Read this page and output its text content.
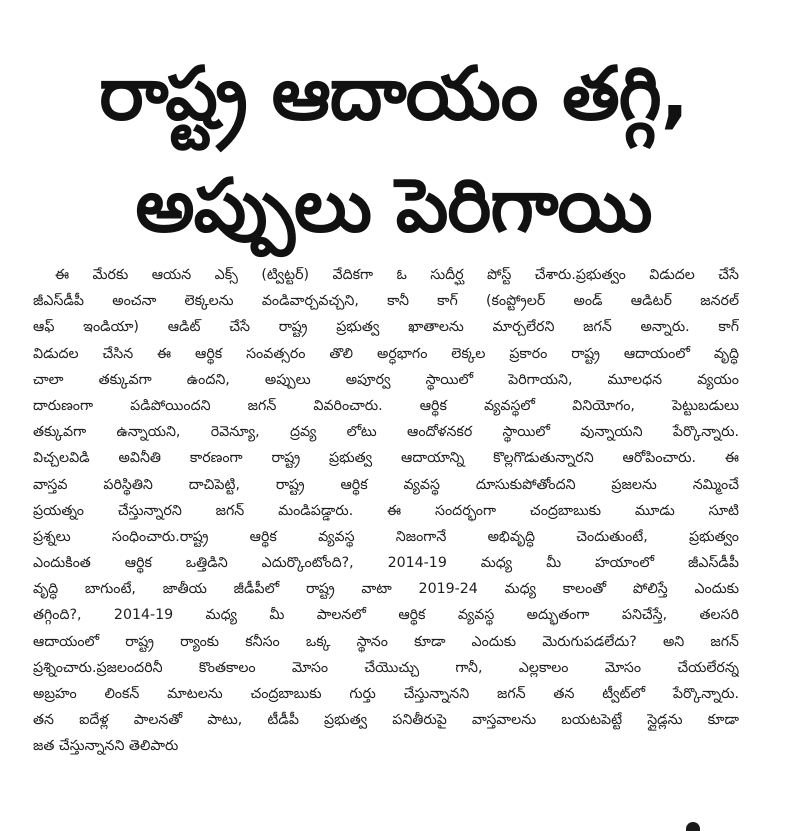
రాష్ట్ర ఆదాయం తగ్గి,
అప్పులు పెరిగాయి
ఈ మేరకు ఆయన ఎక్స్ (ట్విట్టర్) వేదికగా ఓ సుదీర్ఘ పోస్ట్ చేశారు.ప్రభుత్వం విడుదల చేసే
జీఎస్‌డీపీ అంచనా లెక్కలను వండివార్చవచ్చని, కానీ కాగ్ (కంప్ట్రోలర్ అండ్ ఆడిటర్ జనరల్
ఆఫ్ ఇండియా) ఆడిట్ చేసే రాష్ట్ర ప్రభుత్వ ఖాతాలను మార్చలేరని జగన్ అన్నారు. కాగ్
విడుదల చేసిన ఈ ఆర్థిక సంవత్సరం తొలి అర్ధభాగం లెక్కల ప్రకారం రాష్ట్ర ఆదాయంలో వృద్ధి
చాలా తక్కువగా ఉందని, అప్పులు అపూర్వ స్థాయిలో పెరిగాయని, మూలధన వ్యయం
దారుణంగా పడిపోయిందని జగన్ వివరించారు. ఆర్థిక వ్యవస్థలో వినియోగం, పెట్టుబడులు
తక్కువగా ఉన్నాయని, రెవెన్యూ, ద్రవ్య లోటు ఆందోళనకర స్థాయిలో వున్నాయని పేర్కొన్నారు.
విచ్చలవిడి అవినీతి కారణంగా రాష్ట్ర ప్రభుత్వ ఆదాయాన్ని కొల్లగొడుతున్నారని ఆరోపించారు. ఈ
వాస్తవ పరిస్థితిని దాచిపెట్టి, రాష్ట్ర ఆర్థిక వ్యవస్థ దూసుకుపోతోందని ప్రజలను నమ్మించే
ప్రయత్నం చేస్తున్నారని జగన్ మండిపడ్డారు. ఈ సందర్భంగా చంద్రబాబుకు మూడు సూటి
ప్రశ్నలు సంధించారు.రాష్ట్ర ఆర్థిక వ్యవస్థ నిజంగానే అభివృద్ధి చెందుతుంటే, ప్రభుత్వం
ఎందుకింత ఆర్థిక ఒత్తిడిని ఎదుర్కొంటోంది?, 2014-19 మధ్య మీ హయాంలో జీఎస్‌డీపీ
వృద్ధి బాగుంటే, జాతీయ జీడీపీలో రాష్ట్ర వాటా 2019-24 మధ్య కాలంతో పోలిస్తే ఎందుకు
తగ్గింది?, 2014-19 మధ్య మీ పాలనలో ఆర్థిక వ్యవస్థ అద్భుతంగా పనిచేస్తే, తలసరి
ఆదాయంలో రాష్ట్ర ర్యాంకు కనీసం ఒక్క స్థానం కూడా ఎందుకు మెరుగుపడలేదు? అని జగన్
ప్రశ్నించారు.ప్రజలందరినీ కొంతకాలం మోసం చేయొచ్చు గానీ, ఎల్లకాలం మోసం చేయలేరన్న
అబ్రహం లింకన్ మాటలను చంద్రబాబుకు గుర్తు చేస్తున్నానని జగన్ తన ట్వీట్‌లో పేర్కొన్నారు.
తన ఐదేళ్ల పాలనతో పాటు, టీడీపీ ప్రభుత్వ పనితీరుపై వాస్తవాలను బయటపెట్టే స్లైడ్లను కూడా
జత చేస్తున్నానని తెలిపారు
